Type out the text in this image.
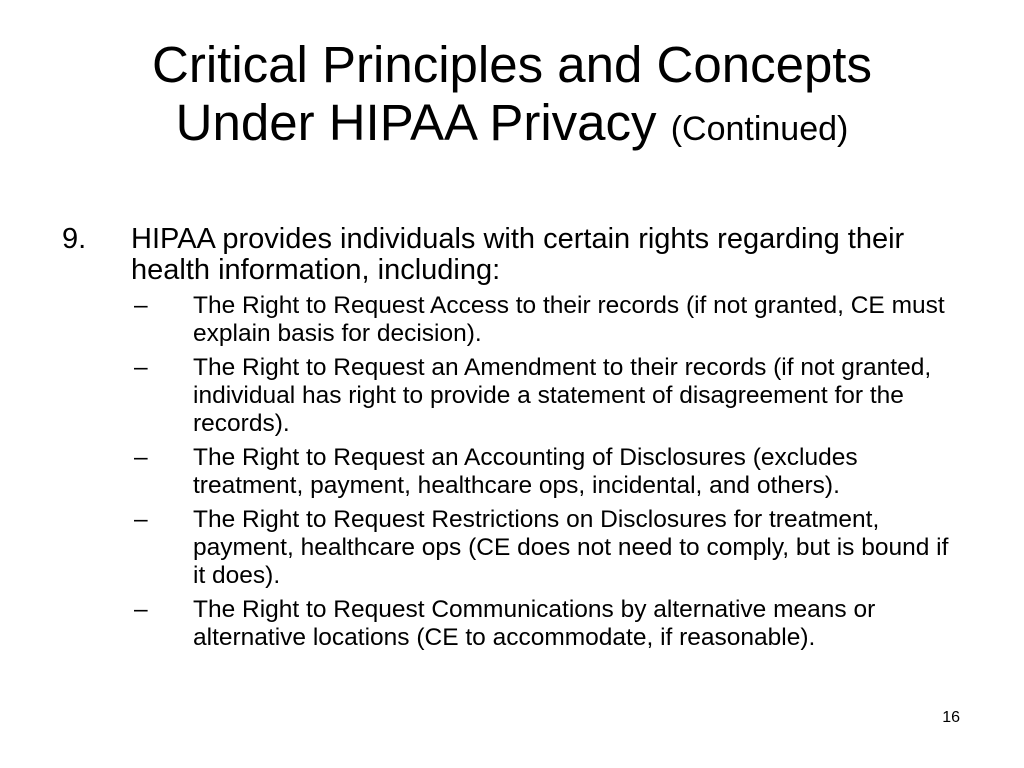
Critical Principles and Concepts
Under HIPAA Privacy (Continued)

9. HIPAA provides individuals with certain rights regarding their health information, including:

– The Right to Request Access to their records (if not granted, CE must explain basis for decision).
– The Right to Request an Amendment to their records (if not granted, individual has right to provide a statement of disagreement for the records).
– The Right to Request an Accounting of Disclosures (excludes treatment, payment, healthcare ops, incidental, and others).
– The Right to Request Restrictions on Disclosures for treatment, payment, healthcare ops (CE does not need to comply, but is bound if it does).
– The Right to Request Communications by alternative means or alternative locations (CE to accommodate, if reasonable).
16
